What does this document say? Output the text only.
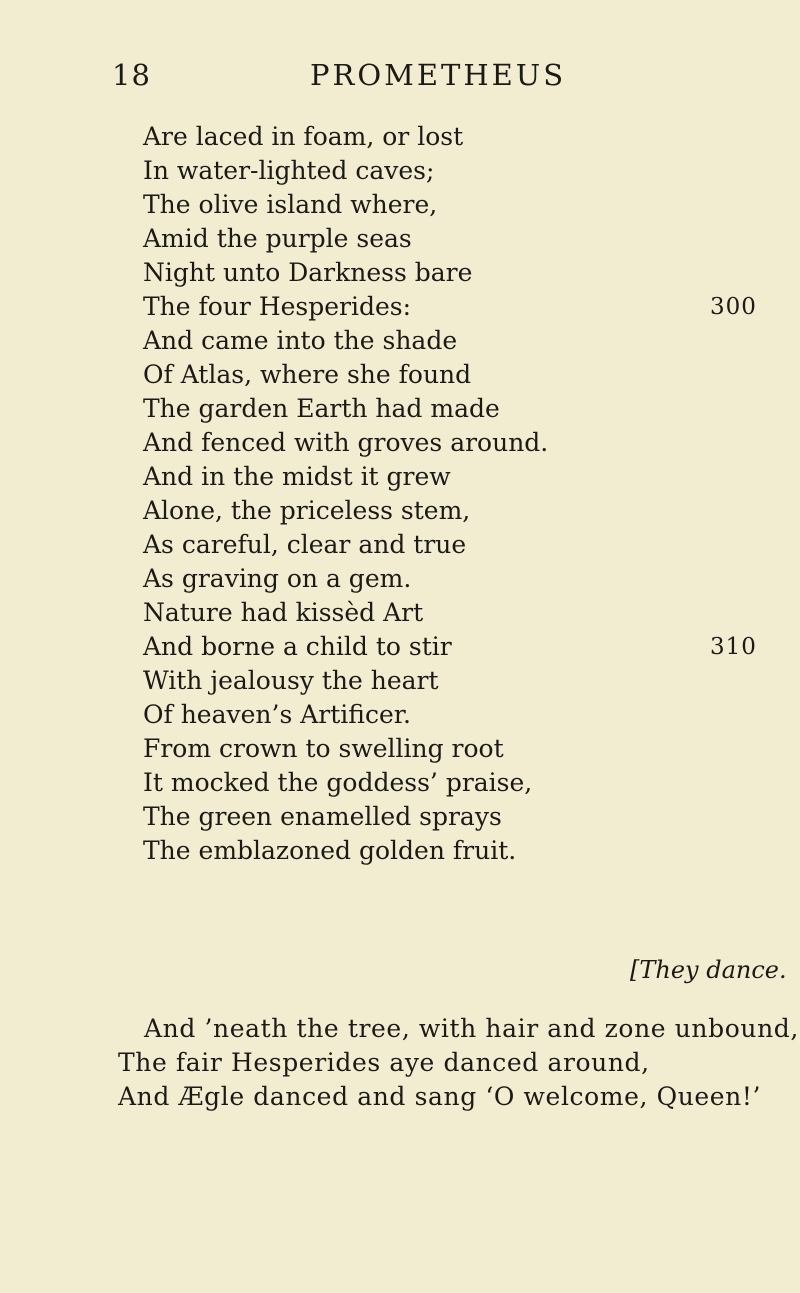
18	PROMETHEUS
Are laced in foam, or lost
In water-lighted caves;
The olive island where,
Amid the purple seas
Night unto Darkness bare
The four Hesperides:
And came into the shade
Of Atlas, where she found
The garden Earth had made
And fenced with groves around.
And in the midst it grew
Alone, the priceless stem,
As careful, clear and true
As graving on a gem.
Nature had kissèd Art
And borne a child to stir
With jealousy the heart
Of heaven’s Artificer.
From crown to swelling root
It mocked the goddess’ praise,
The green enamelled sprays
The emblazoned golden fruit.
300
310
[They dance.
And ’neath the tree, with hair and zone unbound,
The fair Hesperides aye danced around,
And Ægle danced and sang ‘O welcome, Queen!’
